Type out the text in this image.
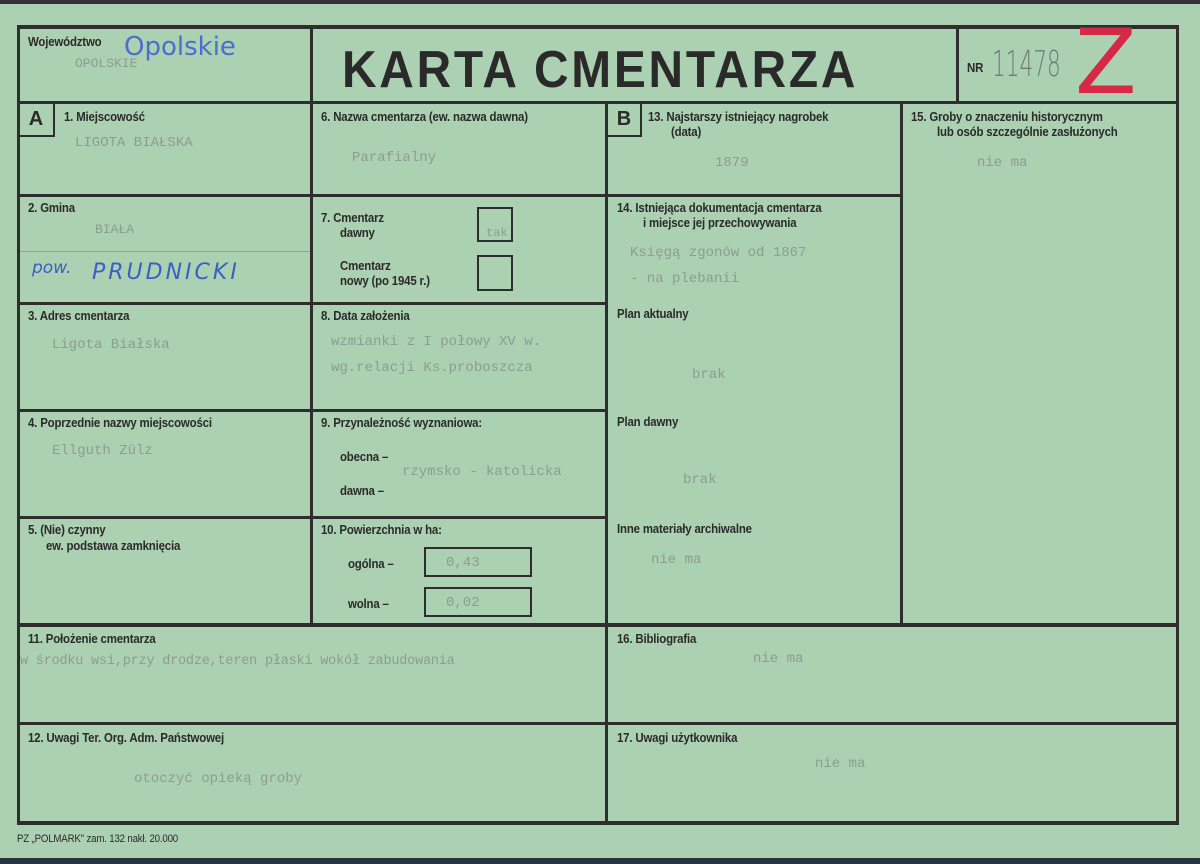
Województwo Opolskie
OPOLSKIE	KARTA CMENTARZA	NR 11478 Z
A	B
1. Miejscowość
LIGOTA BIAŁSKA
2. Gmina
BIAŁA
pow. PRUDNICKI
3. Adres cmentarza
Ligota Białska
4. Poprzednie nazwy miejscowości
Ellguth Zülz
5. (Nie) czynny
ew. podstawa zamknięcia
6. Nazwa cmentarza (ew. nazwa dawna)
Parafialny
7. Cmentarz
dawny	tak
Cmentarz
nowy (po 1945 r.)
8. Data założenia
wzmianki z I połowy XV w.
wg.relacji Ks.proboszcza
9. Przynależność wyznaniowa:
obecna –
rzymsko - katolicka
dawna –
10. Powierzchnia w ha:
ogólna –	0,43
wolna –	0,02
13. Najstarszy istniejący nagrobek
(data)
1879
14. Istniejąca dokumentacja cmentarza
i miejsce jej przechowywania
Księgą zgonów od 1867
- na plebanii
Plan aktualny
brak
Plan dawny
brak
Inne materiały archiwalne
nie ma
15. Groby o znaczeniu historycznym
lub osób szczególnie zasłużonych
nie ma
11. Położenie cmentarza
w środku wsi,przy drodze,teren płaski wokół zabudowania
12. Uwagi Ter. Org. Adm. Państwowej
otoczyć opieką groby
16. Bibliografia
nie ma
17. Uwagi użytkownika
nie ma
PZ „POLMARK" zam. 132 nakł. 20.000
